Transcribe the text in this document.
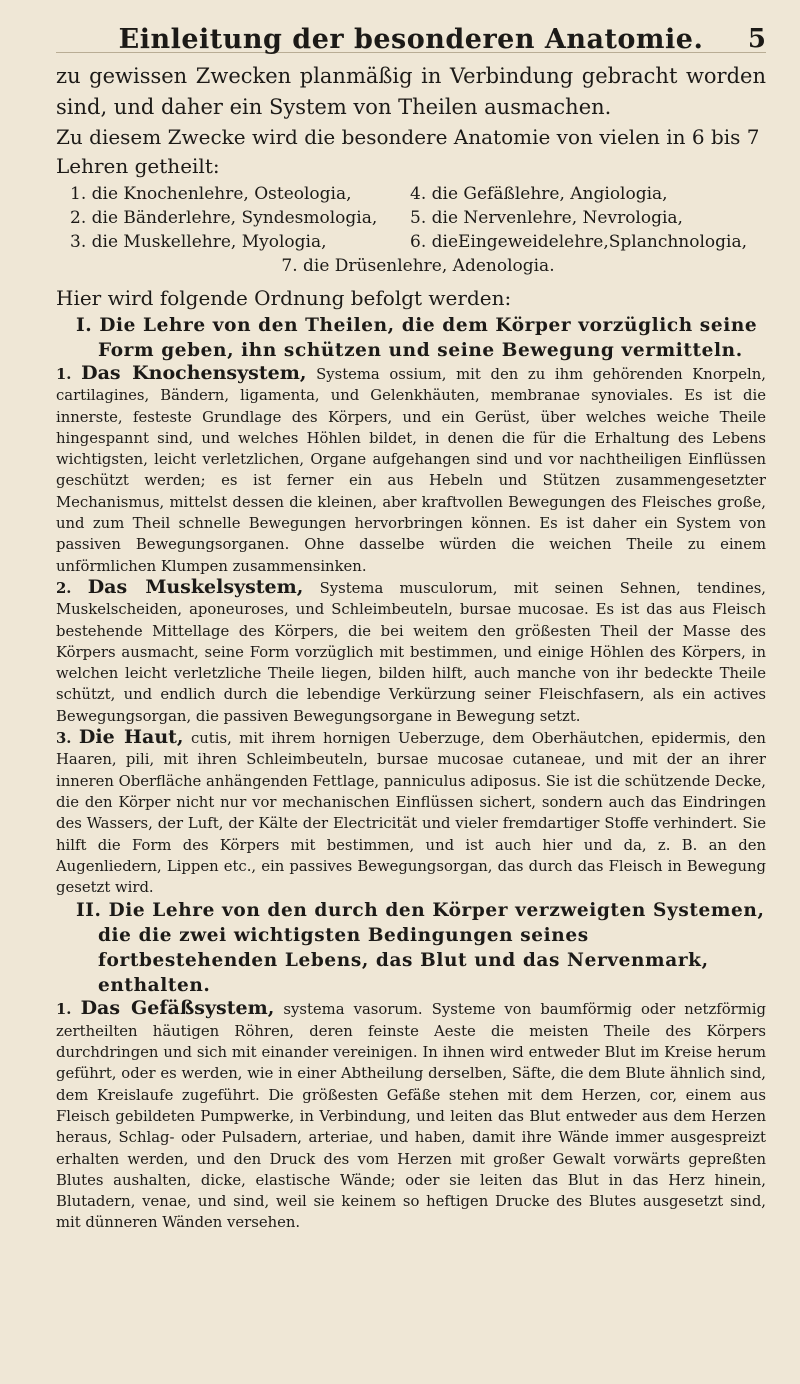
Einleitung der besonderen Anatomie.	5

zu gewissen Zwecken planmäßig in Verbindung gebracht worden sind, und daher ein System von Theilen ausmachen.

Zu diesem Zwecke wird die besondere Anatomie von vielen in 6 bis 7 Lehren getheilt:

1. die Knochenlehre, Osteologia,	4. die Gefäßlehre, Angiologia,
2. die Bänderlehre, Syndesmologia,	5. die Nervenlehre, Nevrologia,
3. die Muskellehre, Myologia,	6. dieEingeweidelehre,Splanchnologia,
7. die Drüsenlehre, Adenologia.

Hier wird folgende Ordnung befolgt werden:

I. Die Lehre von den Theilen, die dem Körper vorzüglich seine Form geben, ihn schützen und seine Bewegung vermitteln.

1. Das Knochensystem, Systema ossium, mit den zu ihm gehörenden Knorpeln, cartilagines, Bändern, ligamenta, und Gelenkhäuten, membranae synoviales. Es ist die innerste, festeste Grundlage des Körpers, und ein Gerüst, über welches weiche Theile hingespannt sind, und welches Höhlen bildet, in denen die für die Erhaltung des Lebens wichtigsten, leicht verletzlichen, Organe aufgehangen sind und vor nachtheiligen Einflüssen geschützt werden; es ist ferner ein aus Hebeln und Stützen zusammengesetzter Mechanismus, mittelst dessen die kleinen, aber kraftvollen Bewegungen des Fleisches große, und zum Theil schnelle Bewegungen hervorbringen können. Es ist daher ein System von passiven Bewegungsorganen. Ohne dasselbe würden die weichen Theile zu einem unförmlichen Klumpen zusammensinken.

2. Das Muskelsystem, Systema musculorum, mit seinen Sehnen, tendines, Muskelscheiden, aponeuroses, und Schleimbeuteln, bursae mucosae. Es ist das aus Fleisch bestehende Mittellage des Körpers, die bei weitem den größesten Theil der Masse des Körpers ausmacht, seine Form vorzüglich mit bestimmen, und einige Höhlen des Körpers, in welchen leicht verletzliche Theile liegen, bilden hilft, auch manche von ihr bedeckte Theile schützt, und endlich durch die lebendige Verkürzung seiner Fleischfasern, als ein actives Bewegungsorgan, die passiven Bewegungsorgane in Bewegung setzt.

3. Die Haut, cutis, mit ihrem hornigen Ueberzuge, dem Oberhäutchen, epidermis, den Haaren, pili, mit ihren Schleimbeuteln, bursae mucosae cutaneae, und mit der an ihrer inneren Oberfläche anhängenden Fettlage, panniculus adiposus. Sie ist die schützende Decke, die den Körper nicht nur vor mechanischen Einflüssen sichert, sondern auch das Eindringen des Wassers, der Luft, der Kälte der Electricität und vieler fremdartiger Stoffe verhindert. Sie hilft die Form des Körpers mit bestimmen, und ist auch hier und da, z. B. an den Augenliedern, Lippen etc., ein passives Bewegungsorgan, das durch das Fleisch in Bewegung gesetzt wird.

II. Die Lehre von den durch den Körper verzweigten Systemen, die die zwei wichtigsten Bedingungen seines fortbestehenden Lebens, das Blut und das Nervenmark, enthalten.

1. Das Gefäßsystem, systema vasorum. Systeme von baumförmig oder netzförmig zertheilten häutigen Röhren, deren feinste Aeste die meisten Theile des Körpers durchdringen und sich mit einander vereinigen. In ihnen wird entweder Blut im Kreise herum geführt, oder es werden, wie in einer Abtheilung derselben, Säfte, die dem Blute ähnlich sind, dem Kreislaufe zugeführt. Die größesten Gefäße stehen mit dem Herzen, cor, einem aus Fleisch gebildeten Pumpwerke, in Verbindung, und leiten das Blut entweder aus dem Herzen heraus, Schlag- oder Pulsadern, arteriae, und haben, damit ihre Wände immer ausgespreizt erhalten werden, und den Druck des vom Herzen mit großer Gewalt vorwärts gepreßten Blutes aushalten, dicke, elastische Wände; oder sie leiten das Blut in das Herz hinein, Blutadern, venae, und sind, weil sie keinem so heftigen Drucke des Blutes ausgesetzt sind, mit dünneren Wänden versehen.
